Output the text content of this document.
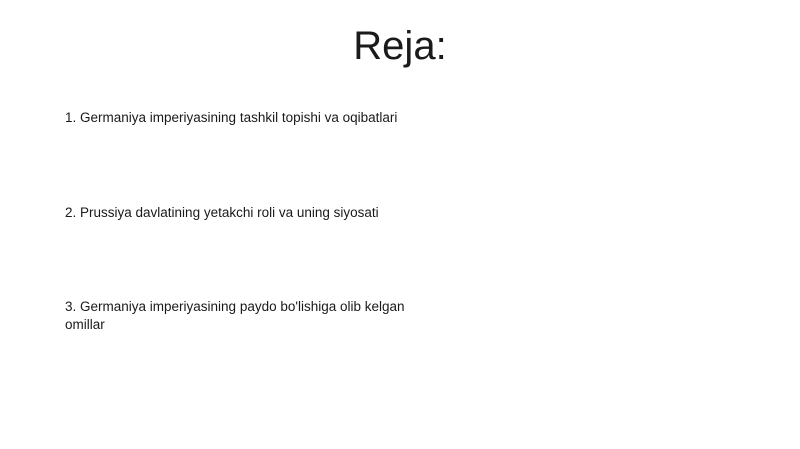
Reja:

1. Germaniya imperiyasining tashkil topishi va oqibatlari

2. Prussiya davlatining yetakchi roli va uning siyosati

3. Germaniya imperiyasining paydo bo'lishiga olib kelgan omillar
